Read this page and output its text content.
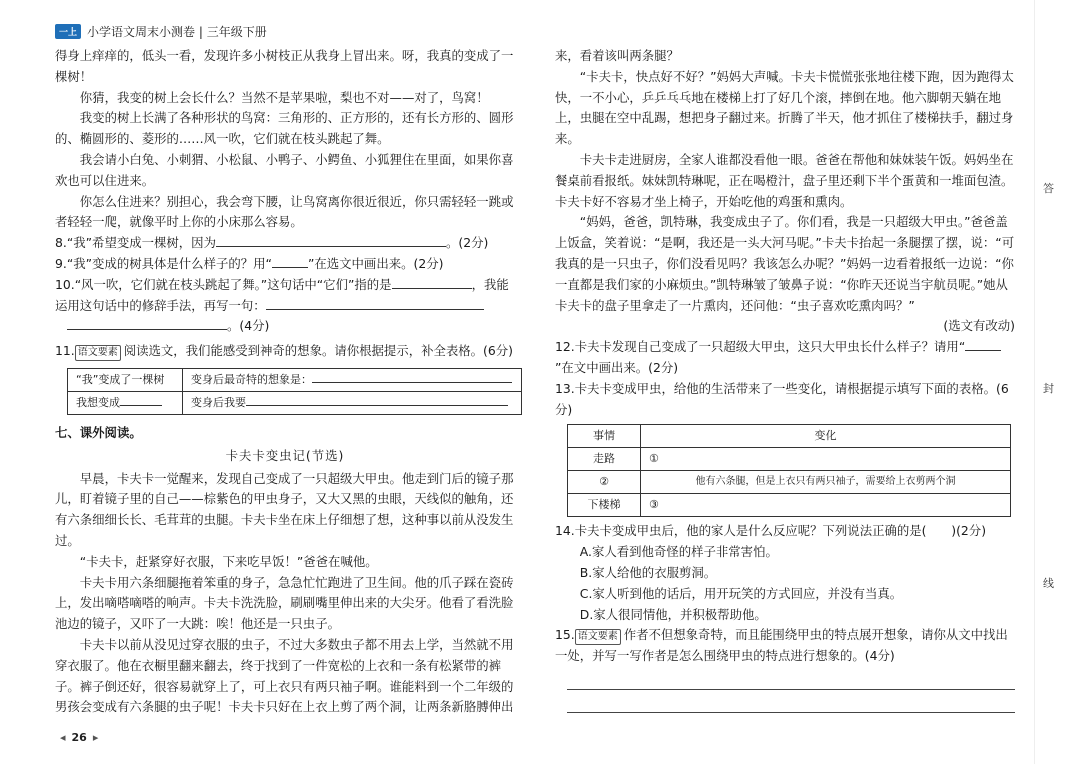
一上 小学语文周末小测卷 | 三年级下册

得身上痒痒的，低头一看，发现许多小树枝正从我身上冒出来。呀，我真的变成了一棵树！

你猜，我变的树上会长什么？当然不是苹果啦，梨也不对——对了，鸟窝！

我变的树上长满了各种形状的鸟窝：三角形的、正方形的，还有长方形的、圆形的、椭圆形的、菱形的……风一吹，它们就在枝头跳起了舞。

我会请小白兔、小刺猬、小松鼠、小鸭子、小鳄鱼、小狐狸住在里面，如果你喜欢也可以住进来。

你怎么住进来？别担心，我会弯下腰，让鸟窝离你很近很近，你只需轻轻一跳或者轻轻一爬，就像平时上你的小床那么容易。

8.“我”希望变成一棵树，因为	。(2分)

9.“我”变成的树具体是什么样子的？用“	”在选文中画出来。(2分)

10.“风一吹，它们就在枝头跳起了舞。”这句话中“它们”指的是	，我能运用这句话中的修辞手法，再写一句：
。(4分)

11. 语文要素 阅读选文，我们能感受到神奇的想象。请你根据提示，补全表格。(6分)

“我”变成了一棵树	变身后最奇特的想象是：
我想变成	变身后我要

七、课外阅读。

卡夫卡变虫记(节选)

早晨，卡夫卡一觉醒来，发现自己变成了一只超级大甲虫。他走到门后的镜子那儿，盯着镜子里的自己——棕紫色的甲虫身子，又大又黑的虫眼，天线似的触角，还有六条细细长长、毛茸茸的虫腿。卡夫卡坐在床上仔细想了想，这种事以前从没发生过。

“卡夫卡，赶紧穿好衣服，下来吃早饭！”爸爸在喊他。

卡夫卡用六条细腿拖着笨重的身子，急急忙忙跑进了卫生间。他的爪子踩在瓷砖上，发出嘀嗒嘀嗒的响声。卡夫卡洗洗脸，刷刷嘴里伸出来的大尖牙。他看了看洗脸池边的镜子，又吓了一大跳：唉！他还是一只虫子。

卡夫卡以前从没见过穿衣服的虫子，不过大多数虫子都不用去上学，当然就不用穿衣服了。他在衣橱里翻来翻去，终于找到了一件宽松的上衣和一条有松紧带的裤子。裤子倒还好，很容易就穿上了，可上衣只有两只袖子啊。谁能料到一个二年级的男孩会变成有六条腿的虫子呢！卡夫卡只好在上衣上剪了两个洞，让两条新胳膊伸出

来，看着该叫两条腿？

“卡夫卡，快点好不好？”妈妈大声喊。卡夫卡慌慌张张地往楼下跑，因为跑得太快，一不小心，乒乒乓乓地在楼梯上打了好几个滚，摔倒在地。他六脚朝天躺在地上，虫腿在空中乱踢，想把身子翻过来。折腾了半天，他才抓住了楼梯扶手，翻过身来。

卡夫卡走进厨房，全家人谁都没看他一眼。爸爸在帮他和妹妹装午饭。妈妈坐在餐桌前看报纸。妹妹凯特琳呢，正在喝橙汁，盘子里还剩下半个蛋黄和一堆面包渣。卡夫卡好不容易才坐上椅子，开始吃他的鸡蛋和熏肉。

“妈妈，爸爸，凯特琳，我变成虫子了。你们看，我是一只超级大甲虫。”爸爸盖上饭盒，笑着说：“是啊，我还是一头大河马呢。”卡夫卡抬起一条腿摆了摆，说：“可我真的是一只虫子，你们没看见吗？我该怎么办呢？”妈妈一边看着报纸一边说：“你一直都是我们家的小麻烦虫。”凯特琳皱了皱鼻子说：“你昨天还说当宇航员呢。”她从卡夫卡的盘子里拿走了一片熏肉，还问他：“虫子喜欢吃熏肉吗？”

(选文有改动)

12.卡夫卡发现自己变成了一只超级大甲虫，这只大甲虫长什么样子？请用“”在文中画出来。(2分)

13.卡夫卡变成甲虫，给他的生活带来了一些变化，请根据提示填写下面的表格。(6分)

事情	变化
走路	①
②	他有六条腿，但是上衣只有两只袖子，需要给上衣剪两个洞
下楼梯	③

14.卡夫卡变成甲虫后，他的家人是什么反应呢？下列说法正确的是(　　)(2分)

A.家人看到他奇怪的样子非常害怕。

B.家人给他的衣服剪洞。

C.家人听到他的话后，用开玩笑的方式回应，并没有当真。

D.家人很同情他，并积极帮助他。

15. 语文要素 作者不但想象奇特，而且能围绕甲虫的特点展开想象，请你从文中找出一处，并写一写作者是怎么围绕甲虫的特点进行想象的。(4分)

答
封
线
◂ 26 ▸
